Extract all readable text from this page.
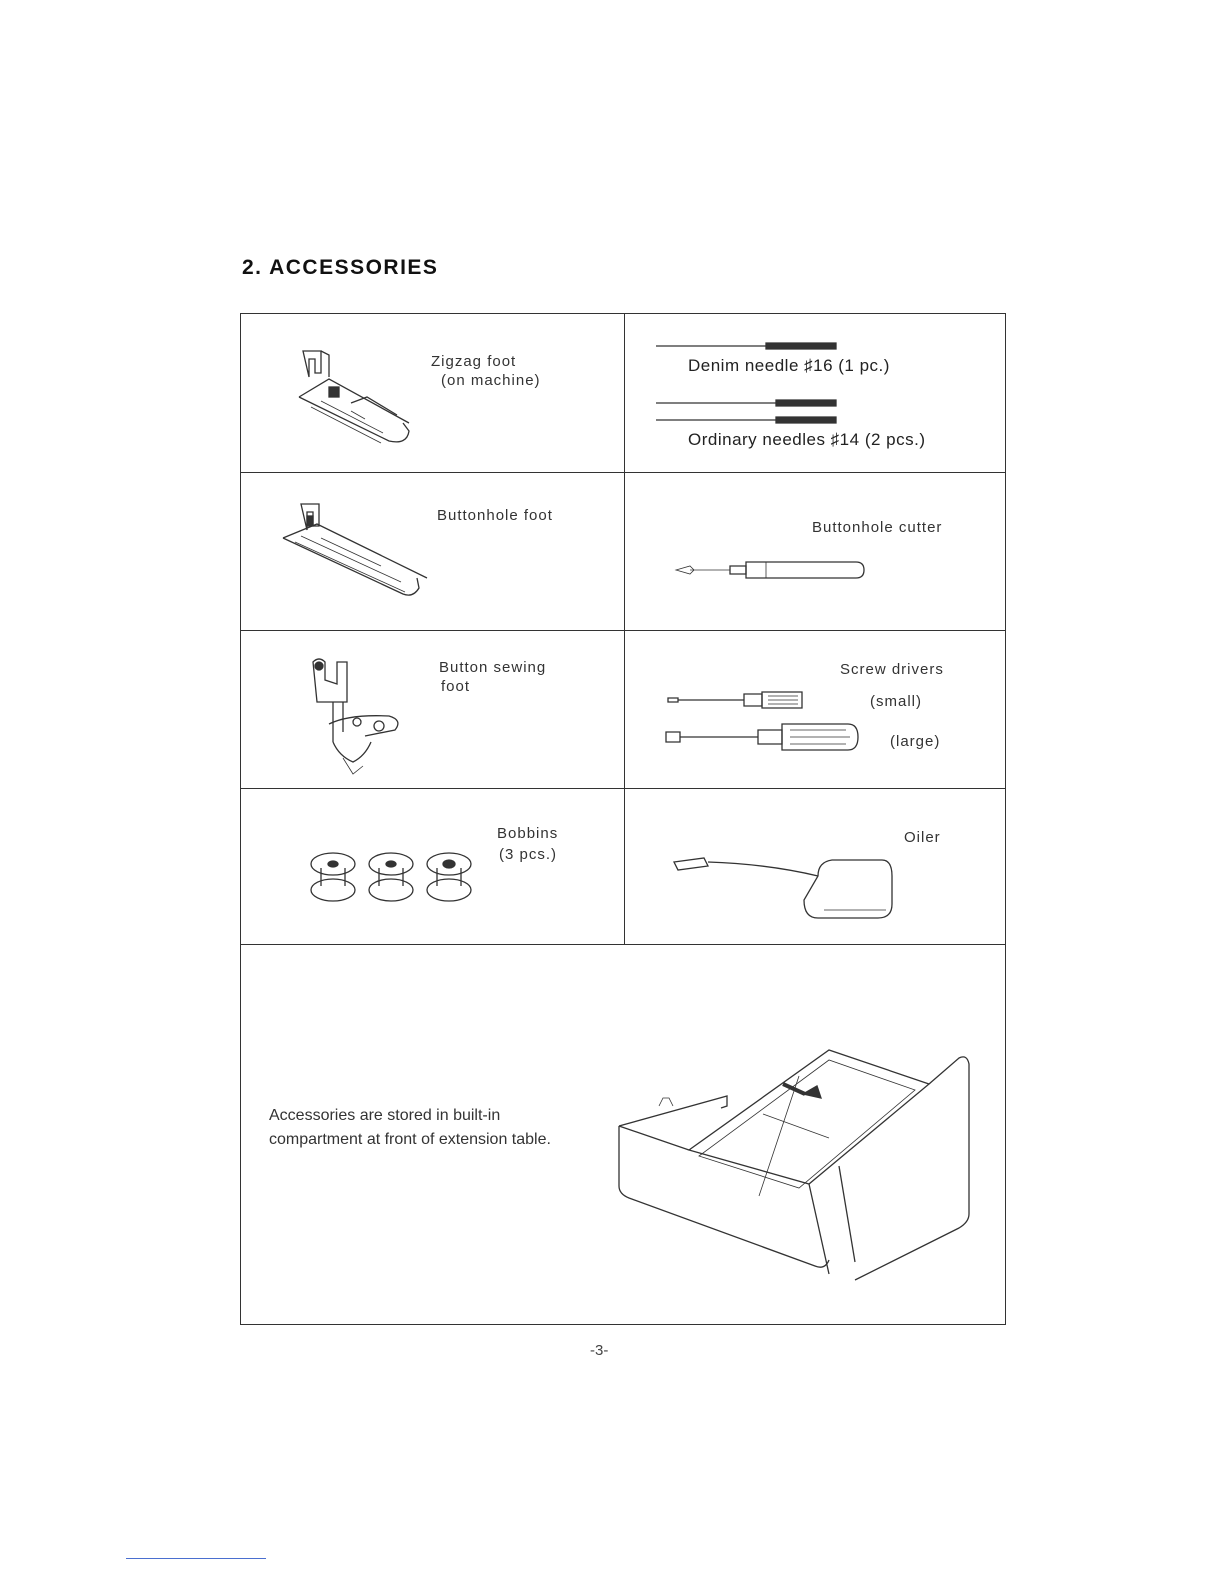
2. ACCESSORIES
Zigzag foot
(on machine)
Denim needle ♯16 (1 pc.)
Ordinary needles ♯14 (2 pcs.)
Buttonhole foot
Buttonhole cutter
Button sewing
foot
Screw drivers
(small)
(large)
Bobbins
(3 pcs.)
Oiler
Accessories are stored in built-in compartment at front of extension table.
-3-
